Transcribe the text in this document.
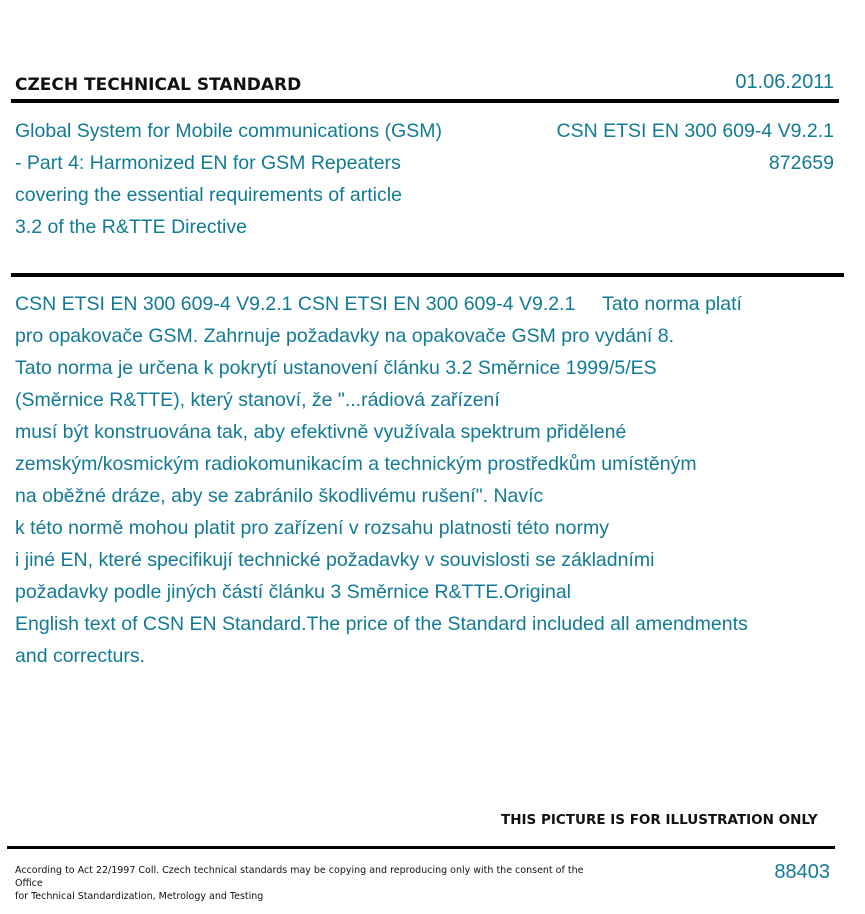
CZECH TECHNICAL STANDARD	01.06.2011
Global System for Mobile communications (GSM)
- Part 4: Harmonized EN for GSM Repeaters
covering the essential requirements of article
3.2 of the R&TTE Directive
CSN ETSI EN 300 609-4 V9.2.1
872659
CSN ETSI EN 300 609-4 V9.2.1 CSN ETSI EN 300 609-4 V9.2.1     Tato norma platí
pro opakovače GSM. Zahrnuje požadavky na opakovače GSM pro vydání 8.
Tato norma je určena k pokrytí ustanovení článku 3.2 Směrnice 1999/5/ES
(Směrnice R&TTE), který stanoví, že "...rádiová zařízení
musí být konstruována tak, aby efektivně využívala spektrum přidělené
zemským/kosmickým radiokomunikacím a technickým prostředkům umístěným
na oběžné dráze, aby se zabránilo škodlivému rušení". Navíc
k této normě mohou platit pro zařízení v rozsahu platnosti této normy
i jiné EN, které specifikují technické požadavky v souvislosti se základními
požadavky podle jiných částí článku 3 Směrnice R&TTE.Original
English text of CSN EN Standard.The price of the Standard included all amendments
and correcturs.
THIS PICTURE IS FOR ILLUSTRATION ONLY
According to Act 22/1997 Coll. Czech technical standards may be copying and reproducing only with the consent of the Office
for Technical Standardization, Metrology and Testing
88403
